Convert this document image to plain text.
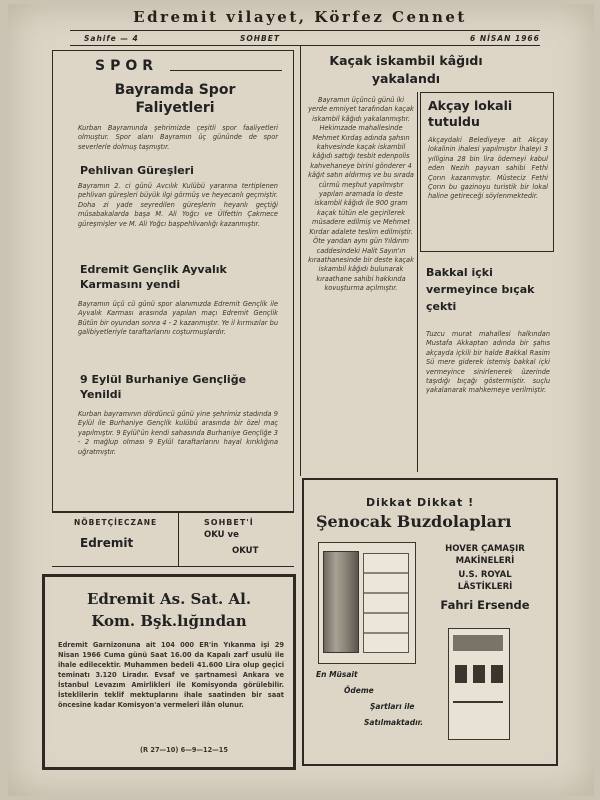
Edremit vilayet, Körfez Cennet
Sahife — 4	SOHBET	6 NİSAN 1966
SPOR
Bayramda Spor Faliyetleri
Kurban Bayramında şehrimizde çeşitli spor faaliyetleri olmuştur. Spor alanı Bayramın üç gününde de spor severlerle dolmuş taşmıştır.
Pehlivan Güreşleri
Bayramın 2. ci günü Avcılık Kulübü yararına tertiplenen pehlivan güreşleri büyük ilgi görmüş ve heyecanlı geçmiştir. Doha zi yade seyredilen güreşlerin heyanlı geçtiği müsabakalarda başa M. Ali Yoğcı ve Ülfettin Çakmece güreşmişler ve M. Ali Yoğcı başpehlivanlığı kazanmıştır.
Edremit Gençlik Ayvalık Karmasını yendi
Bayramın üçü cü günü spor alanımızda Edremit Gençlik ile Ayvalık Karması arasında yapılan maçı Edremit Gençlik Bütün bir oyundan sonra 4 - 2 kazanmıştır. Ye il kırmızılar bu galibiyetleriyle taraftarlarını coşturmuşlardır.
9 Eylül Burhaniye Gençliğe Yenildi
Kurban bayramının dördüncü günü yine şehrimiz stadında 9 Eylül ile Burhaniye Gençlik kulübü arasında bir özel maç yapılmıştır. 9 Eylül'ün kendi sahasında Burhaniye Gençliğe 3 - 2 mağlup olması 9 Eylül taraftarlarını hayal kırıklığına uğratmıştır.
Kaçak iskambil kâğıdı yakalandı
Bayramın üçüncü günü iki yerde emniyet tarafından kaçak iskambil kâğıdı yakalanmıştır. Hekimzade mahallesinde Mehmet Kırdaş adında şahsın kahvesinde kaçak iskambil kâğıdı sattığı tesbit edenpolis kahvehaneye birini gönderer 4 kâğıt satın aldırmış ve bu sırada cürmü meşhut yapılmıştır yapılan aramada lo deste iskambil kâğıdı ile 900 gram kaçak tütün ele geçirilerek müsadere edilmiş ve Mehmet Kırdar adalete teslim edilmiştir. Öte yandan aynı gün Yıldırım caddesindeki Halit Sayın'ın kıraathanesinde bir deste kaçak iskambil kâğıdı bulunarak kıraathane sahibi hakkında kovuşturma açılmıştır.
Akçay lokali tutuldu
Akçaydaki Belediyeye ait Akçay lokalinin ihalesi yapılmıştır İhaleyi 3 yılligina 28 bin lira ödemeyi kabul eden Nezih payvan sahibi Fethi Çorın kazanmıştır. Müsteciz Fethi Çorın bu gazinoyu turistik bir lokal haline getireceği söylenmektedir.
Bakkal içki vermeyince bıçak çekti
Tuzcu murat mahallesi halkından Mustafa Akkaptan adında bir şahıs akçayda içkili bir halde Bakkal Rasim Sü mere giderek istemiş bakkal içki vermeyince sinirlenerek üzerinde taşıdığı bıçağı göstermiştir. suçlu yakalanarak mahkemeye verilmiştir.
NÖBETÇİECZANE
Edremit
SOHBET'İ
OKU ve
OKUT
Edremit As. Sat. Al.
Kom. Bşk.lığından
Edremit Garnizonuna ait 104 000 ER'in Yıkanma işi 29 Nisan 1966 Cuma günü Saat 16.00 da Kapalı zarf usulü ile ihale edilecektir. Muhammen bedeli 41.600 Lira olup geçici teminatı 3.120 Liradır. Evsaf ve şartnamesi Ankara ve İstanbul Levazım Amirlikleri ile Komisyonda görülebilir. İsteklilerin teklif mektuplarını ihale saatinden bir saat öncesine kadar Komisyon'a vermeleri ilân olunur.
(R 27—10) 6—9—12—15
Dikkat Dikkat !
Şenocak Buzdolapları
HOVER ÇAMAŞIR
MAKİNELERİ
U.S. ROYAL
LÂSTİKLERİ
Fahri Ersende
En Müsait
Ödeme
Şartları ile
Satılmaktadır.
